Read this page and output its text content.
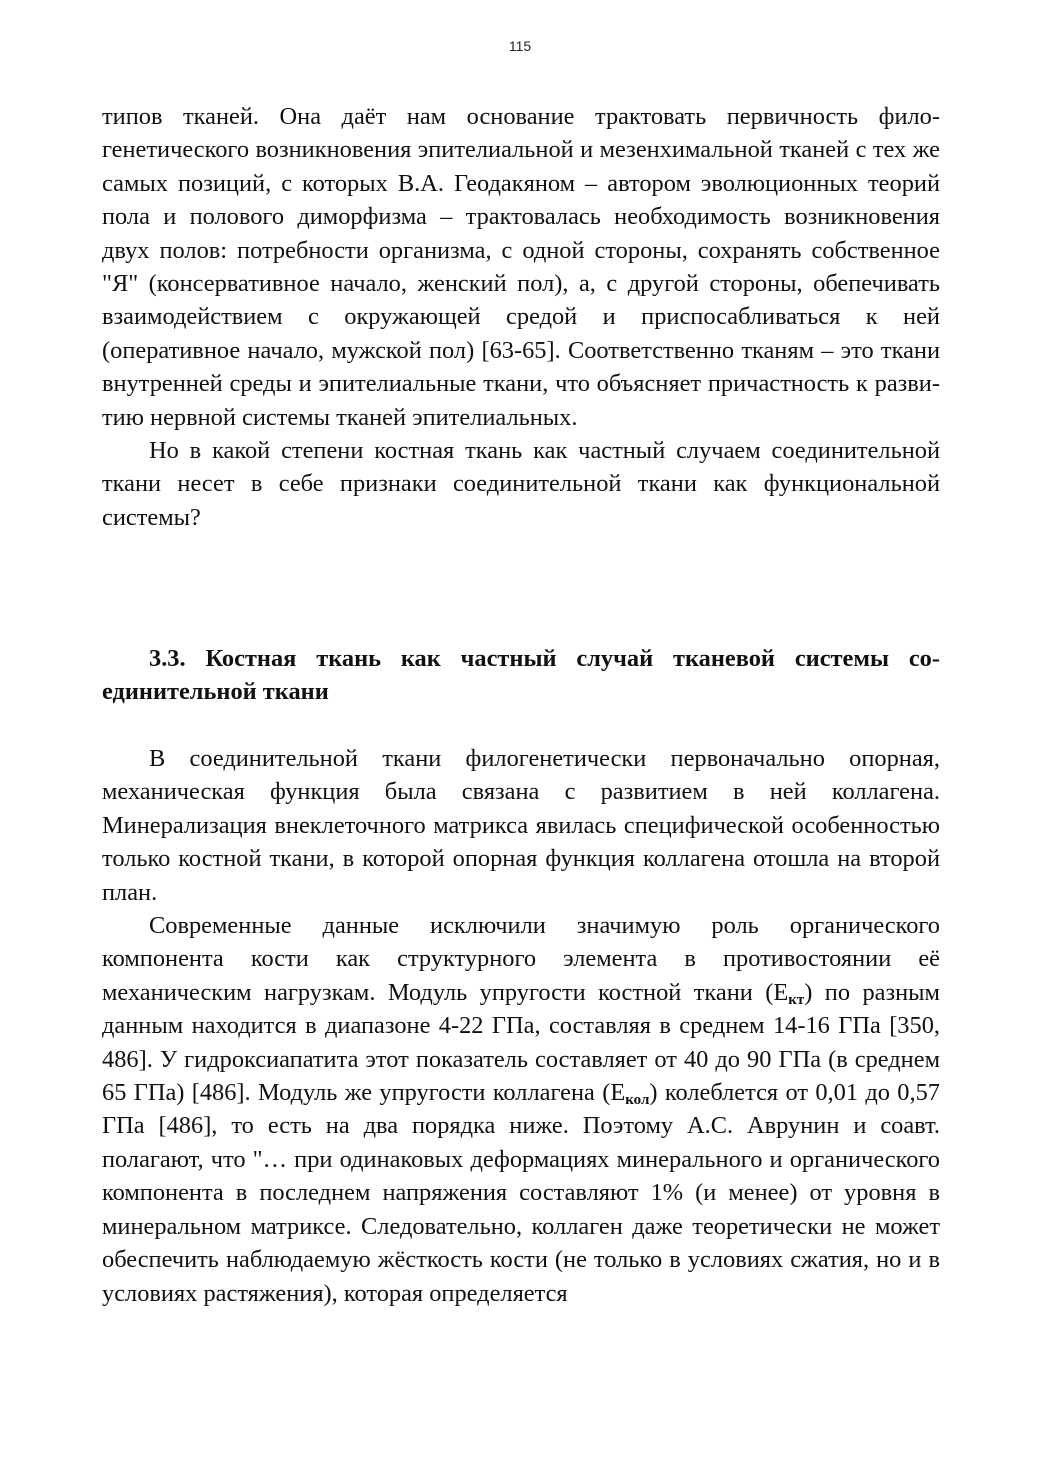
115

типов тканей. Она даёт нам основание трактовать первичность филогенетического возникновения эпителиальной и мезенхимальной тканей с тех же самых позиций, с которых В.А. Геодакяном – автором эволюционных теорий пола и полового диморфизма – трактовалась необходимость возникновения двух полов: потребности организма, с одной стороны, сохранять собственное "Я" (консервативное начало, женский пол), а, с другой стороны, обепечивать взаимодействием с окружающей средой и приспосабливаться к ней (оперативное начало, мужской пол) [63-65]. Соответственно тканям – это ткани внутренней среды и эпителиальные ткани, что объясняет причастность к развитию нервной системы тканей эпителиальных.

Но в какой степени костная ткань как частный случаем соединительной ткани несет в себе признаки соединительной ткани как функциональной системы?

3.3. Костная ткань как частный случай тканевой системы соединительной ткани

В соединительной ткани филогенетически первоначально опорная, механическая функция была связана с развитием в ней коллагена. Минерализация внеклеточного матрикса явилась специфической особенностью только костной ткани, в которой опорная функция коллагена отошла на второй план.

Современные данные исключили значимую роль органического компонента кости как структурного элемента в противостоянии её механическим нагрузкам. Модуль упругости костной ткани $(E_{кт})$ по разным данным находится в диапазоне 4-22 ГПа, составляя в среднем 14-16 ГПа [350, 486]. У гидроксиапатита этот показатель составляет от 40 до 90 ГПа (в среднем 65 ГПа) [486]. Модуль же упругости коллагена $(E_{кол})$ колеблется от 0,01 до 0,57 ГПа [486], то есть на два порядка ниже. Поэтому А.С. Аврунин и соавт. полагают, что "… при одинаковых деформациях минерального и органического компонента в последнем напряжения составляют 1% (и менее) от уровня в минеральном матриксе. Следовательно, коллаген даже теоретически не может обеспечить наблюдаемую жёсткость кости (не только в условиях сжатия, но и в условиях растяжения), которая определяется
